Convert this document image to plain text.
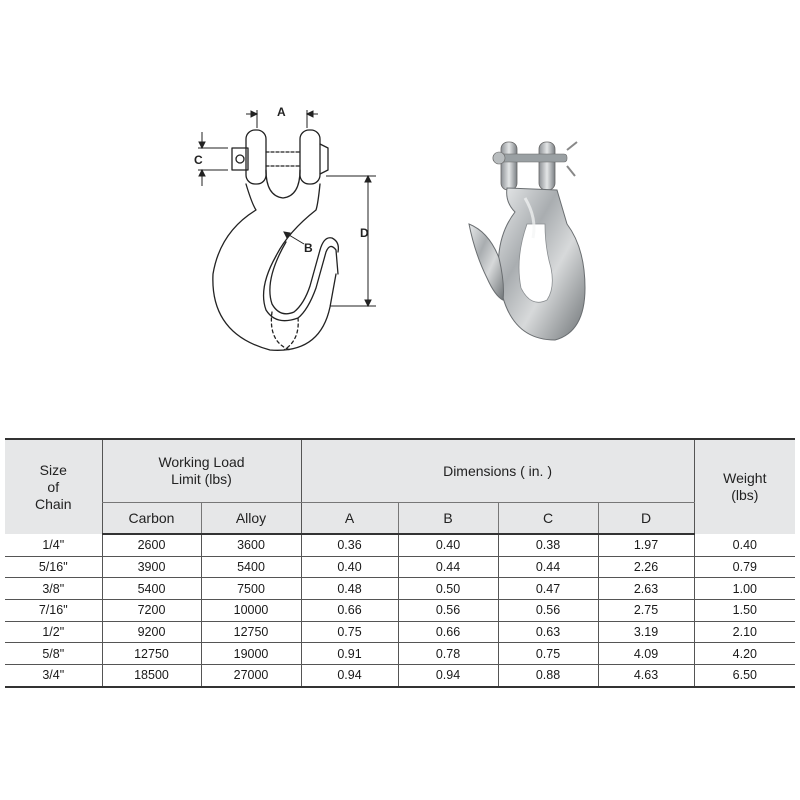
A
C
D
B
Size
of
Chain	Working Load
Limit (lbs)		Dimensions ( in. )				Weight
(lbs)

	Carbon	Alloy	A	B	C	D	
1/4"	2600	3600	0.36	0.40	0.38	1.97	0.40
5/16"	3900	5400	0.40	0.44	0.44	2.26	0.79
3/8"	5400	7500	0.48	0.50	0.47	2.63	1.00
7/16"	7200	10000	0.66	0.56	0.56	2.75	1.50
1/2"	9200	12750	0.75	0.66	0.63	3.19	2.10
5/8"	12750	19000	0.91	0.78	0.75	4.09	4.20
3/4"	18500	27000	0.94	0.94	0.88	4.63	6.50
